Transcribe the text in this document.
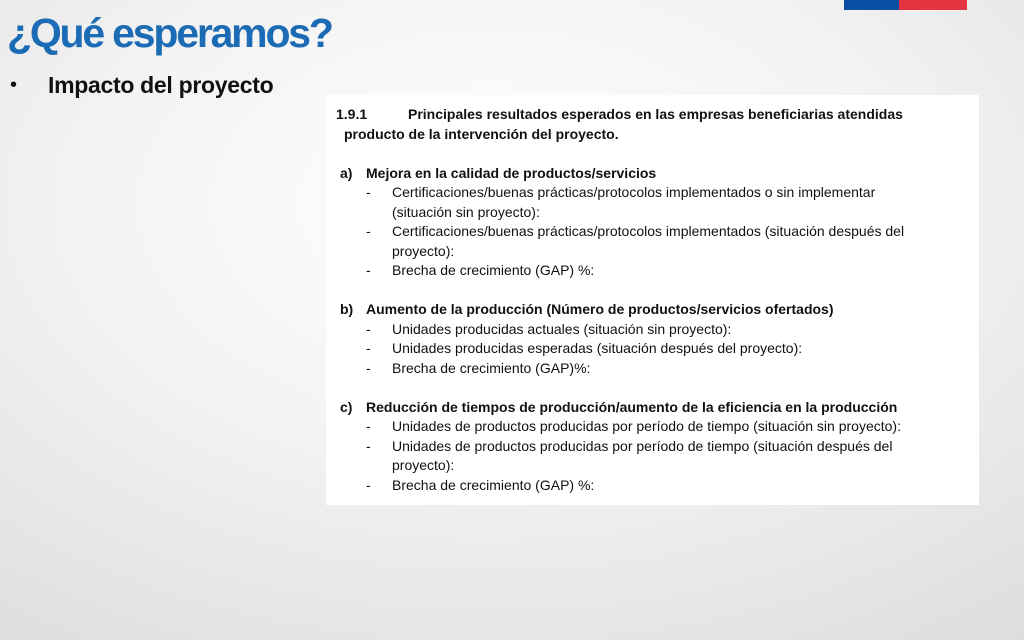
¿Qué esperamos?
•	Impacto del proyecto
1.9.1	Principales resultados esperados en las empresas beneficiarias atendidas
producto de la intervención del proyecto.
a) Mejora en la calidad de productos/servicios
-	Certificaciones/buenas prácticas/protocolos implementados o sin implementar
(situación sin proyecto):
-	Certificaciones/buenas prácticas/protocolos implementados (situación después del
proyecto):
-	Brecha de crecimiento (GAP) %:
b) Aumento de la producción (Número de productos/servicios ofertados)
-	Unidades producidas actuales (situación sin proyecto):
-	Unidades producidas esperadas (situación después del proyecto):
-	Brecha de crecimiento (GAP)%:
c) Reducción de tiempos de producción/aumento de la eficiencia en la producción
-	Unidades de productos producidas por período de tiempo (situación sin proyecto):
-	Unidades de productos producidas por período de tiempo (situación después del
proyecto):
-	Brecha de crecimiento (GAP) %:
